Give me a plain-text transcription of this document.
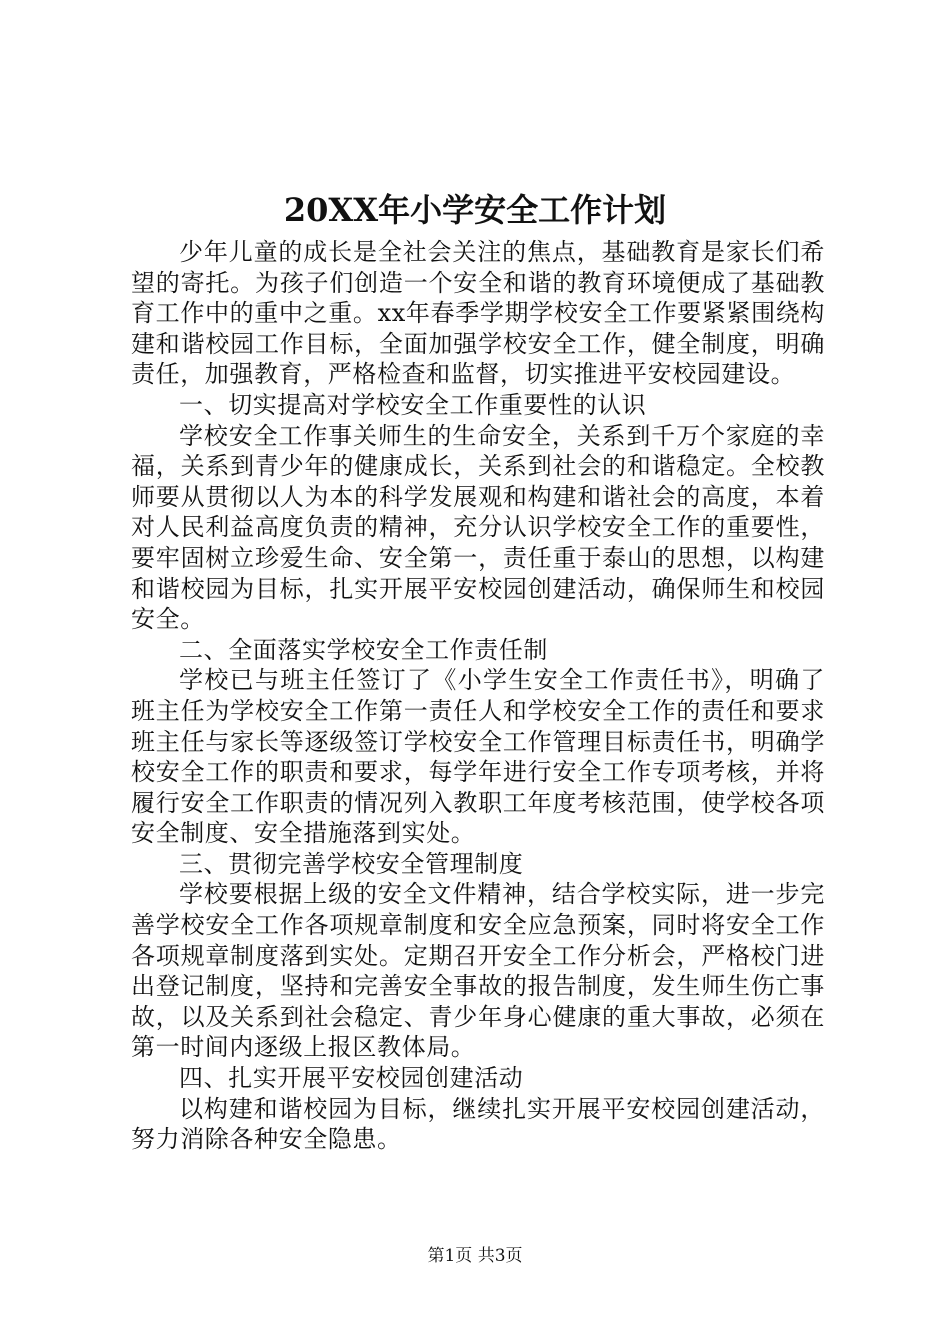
20XX年小学安全工作计划

少年儿童的成长是全社会关注的焦点，基础教育是家长们希望的寄托。为孩子们创造一个安全和谐的教育环境便成了基础教育工作中的重中之重。xx年春季学期学校安全工作要紧紧围绕构建和谐校园工作目标，全面加强学校安全工作，健全制度，明确责任，加强教育，严格检查和监督，切实推进平安校园建设。

一、切实提高对学校安全工作重要性的认识

学校安全工作事关师生的生命安全，关系到千万个家庭的幸福，关系到青少年的健康成长，关系到社会的和谐稳定。全校教师要从贯彻以人为本的科学发展观和构建和谐社会的高度，本着对人民利益高度负责的精神，充分认识学校安全工作的重要性，要牢固树立珍爱生命、安全第一，责任重于泰山的思想，以构建和谐校园为目标，扎实开展平安校园创建活动，确保师生和校园安全。

二、全面落实学校安全工作责任制

学校已与班主任签订了《小学生安全工作责任书》，明确了班主任为学校安全工作第一责任人和学校安全工作的责任和要求班主任与家长等逐级签订学校安全工作管理目标责任书，明确学校安全工作的职责和要求，每学年进行安全工作专项考核，并将履行安全工作职责的情况列入教职工年度考核范围，使学校各项安全制度、安全措施落到实处。

三、贯彻完善学校安全管理制度

学校要根据上级的安全文件精神，结合学校实际，进一步完善学校安全工作各项规章制度和安全应急预案，同时将安全工作各项规章制度落到实处。定期召开安全工作分析会，严格校门进出登记制度，坚持和完善安全事故的报告制度，发生师生伤亡事故，以及关系到社会稳定、青少年身心健康的重大事故，必须在第一时间内逐级上报区教体局。

四、扎实开展平安校园创建活动

以构建和谐校园为目标，继续扎实开展平安校园创建活动，努力消除各种安全隐患。

第1页 共3页
